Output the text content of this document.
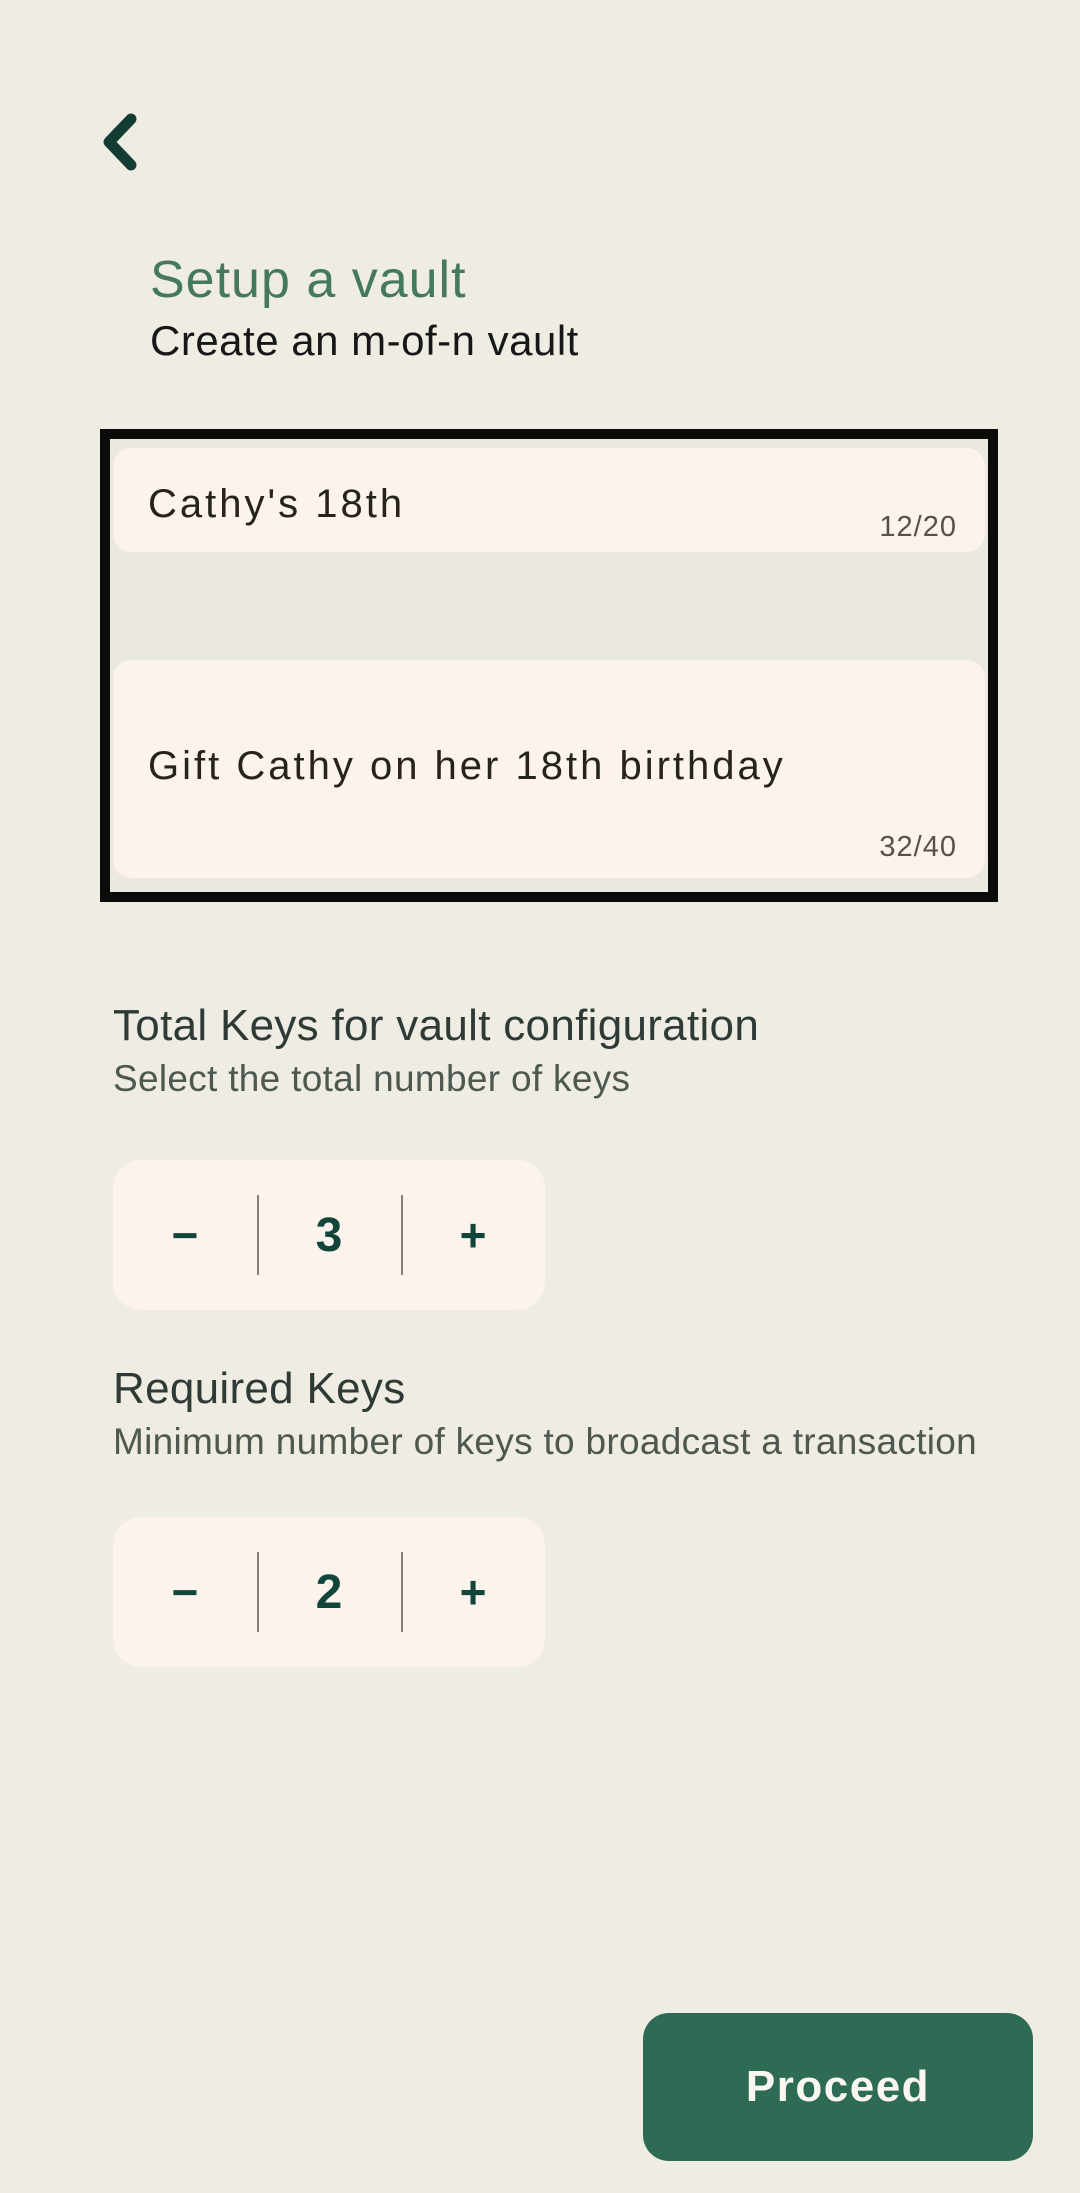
Setup a vault
Create an m-of-n vault
Cathy's 18th
12/20
Gift Cathy on her 18th birthday
32/40
Total Keys for vault configuration
Select the total number of keys
−	3	+
Required Keys
Minimum number of keys to broadcast a transaction
−	2	+
Proceed
